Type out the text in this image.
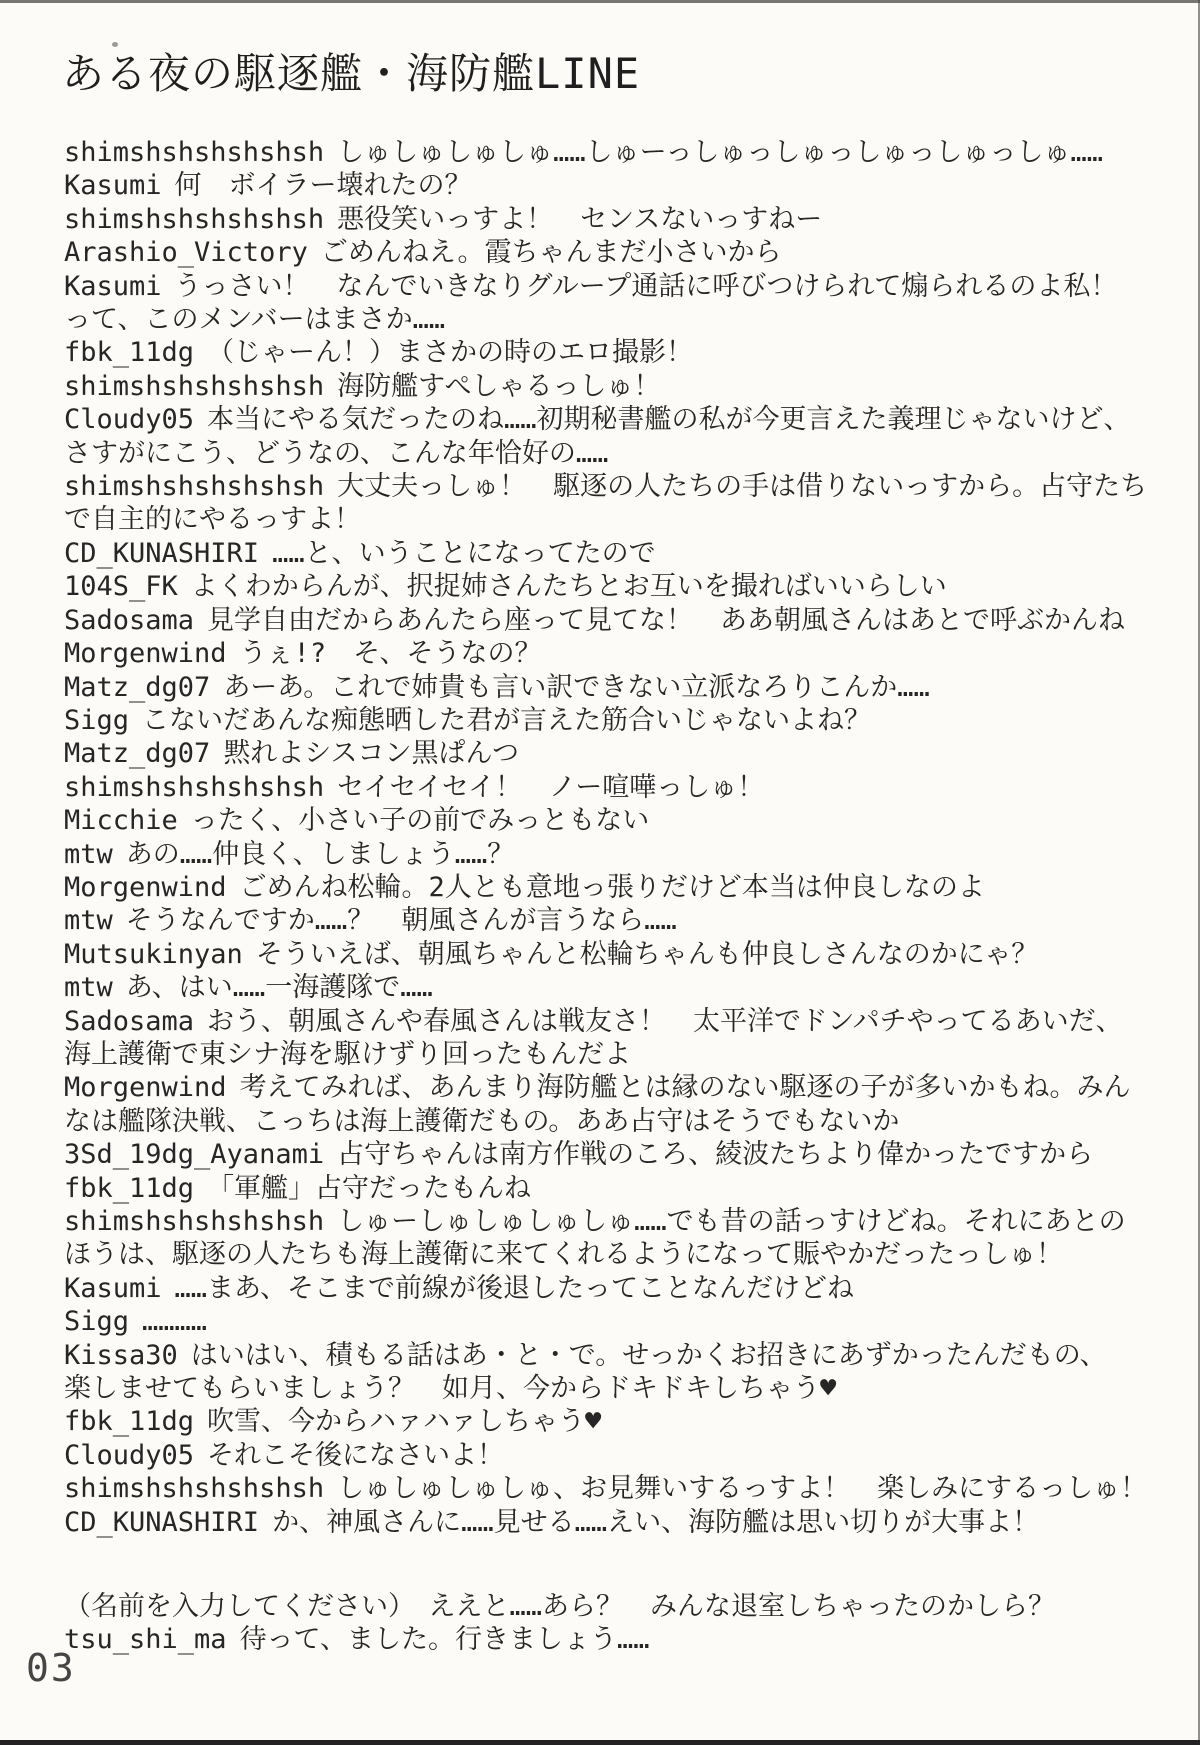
ある夜の駆逐艦・海防艦LINE
shimshshshshshsh しゅしゅしゅしゅ……しゅーっしゅっしゅっしゅっしゅっしゅ……
Kasumi 何　ボイラー壊れたの？
shimshshshshshsh 悪役笑いっすよ！　センスないっすねー
Arashio_Victory ごめんねえ。霞ちゃんまだ小さいから
Kasumi うっさい！　なんでいきなりグループ通話に呼びつけられて煽られるのよ私！
って、このメンバーはまさか……
fbk_11dg （じゃーん！）まさかの時のエロ撮影！
shimshshshshshsh 海防艦すぺしゃるっしゅ！
Cloudy05 本当にやる気だったのね……初期秘書艦の私が今更言えた義理じゃないけど、
さすがにこう、どうなの、こんな年恰好の……
shimshshshshshsh 大丈夫っしゅ！　駆逐の人たちの手は借りないっすから。占守たち
で自主的にやるっすよ！
CD_KUNASHIRI ……と、いうことになってたので
104S_FK よくわからんが、択捉姉さんたちとお互いを撮ればいいらしい
Sadosama 見学自由だからあんたら座って見てな！　ああ朝風さんはあとで呼ぶかんね
Morgenwind うぇ!?　そ、そうなの？
Matz_dg07 あーあ。これで姉貴も言い訳できない立派なろりこんか……
Sigg こないだあんな痴態晒した君が言えた筋合いじゃないよね？
Matz_dg07 黙れよシスコン黒ぱんつ
shimshshshshshsh セイセイセイ！　ノー喧嘩っしゅ！
Micchie ったく、小さい子の前でみっともない
mtw あの……仲良く、しましょう……？
Morgenwind ごめんね松輪。2人とも意地っ張りだけど本当は仲良しなのよ
mtw そうなんですか……？　朝風さんが言うなら……
Mutsukinyan そういえば、朝風ちゃんと松輪ちゃんも仲良しさんなのかにゃ？
mtw あ、はい……一海護隊で……
Sadosama おう、朝風さんや春風さんは戦友さ！　太平洋でドンパチやってるあいだ、
海上護衛で東シナ海を駆けずり回ったもんだよ
Morgenwind 考えてみれば、あんまり海防艦とは縁のない駆逐の子が多いかもね。みん
なは艦隊決戦、こっちは海上護衛だもの。ああ占守はそうでもないか
3Sd_19dg_Ayanami 占守ちゃんは南方作戦のころ、綾波たちより偉かったですから
fbk_11dg 「軍艦」占守だったもんね
shimshshshshshsh しゅーしゅしゅしゅしゅ……でも昔の話っすけどね。それにあとの
ほうは、駆逐の人たちも海上護衛に来てくれるようになって賑やかだったっしゅ！
Kasumi ……まあ、そこまで前線が後退したってことなんだけどね
Sigg …………
Kissa30 はいはい、積もる話はあ・と・で。せっかくお招きにあずかったんだもの、
楽しませてもらいましょう？　如月、今からドキドキしちゃう♥
fbk_11dg 吹雪、今からハァハァしちゃう♥
Cloudy05 それこそ後になさいよ！
shimshshshshshsh しゅしゅしゅしゅ、お見舞いするっすよ！　楽しみにするっしゅ！
CD_KUNASHIRI か、神風さんに……見せる……えい、海防艦は思い切りが大事よ！
（名前を入力してください）　ええと……あら？　みんな退室しちゃったのかしら？
tsu_shi_ma 待って、ました。行きましょう……
03
